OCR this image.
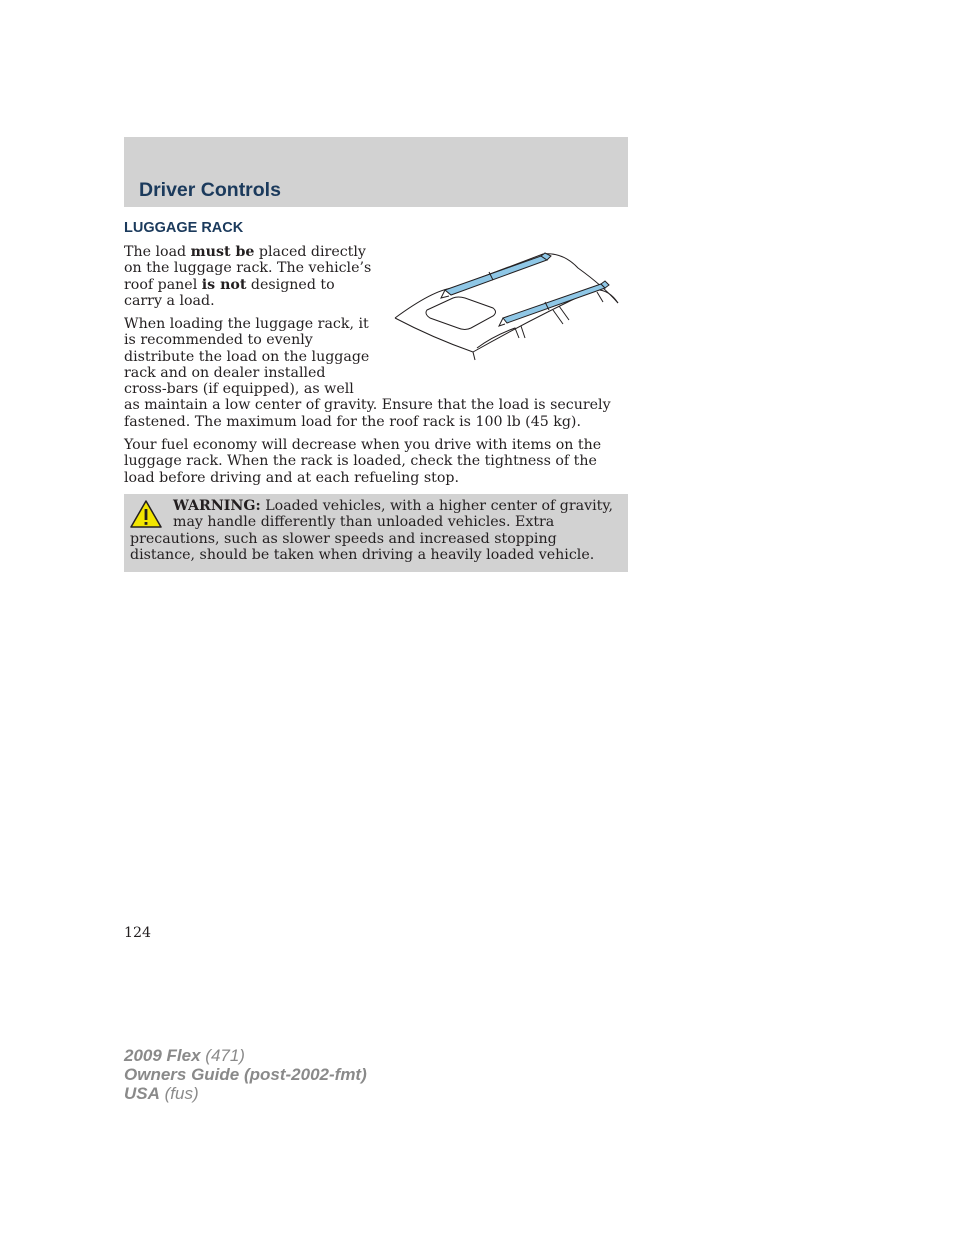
Driver Controls
LUGGAGE RACK

The load must be placed directly on the luggage rack. The vehicle’s roof panel is not designed to carry a load.

When loading the luggage rack, it is recommended to evenly distribute the load on the luggage rack and on dealer installed cross-bars (if equipped), as well as maintain a low center of gravity. Ensure that the load is securely fastened. The maximum load for the roof rack is 100 lb (45 kg).

Your fuel economy will decrease when you drive with items on the luggage rack. When the rack is loaded, check the tightness of the load before driving and at each refueling stop.

WARNING: Loaded vehicles, with a higher center of gravity, may handle differently than unloaded vehicles. Extra precautions, such as slower speeds and increased stopping distance, should be taken when driving a heavily loaded vehicle.

124

2009 Flex (471)
Owners Guide (post-2002-fmt)
USA (fus)
